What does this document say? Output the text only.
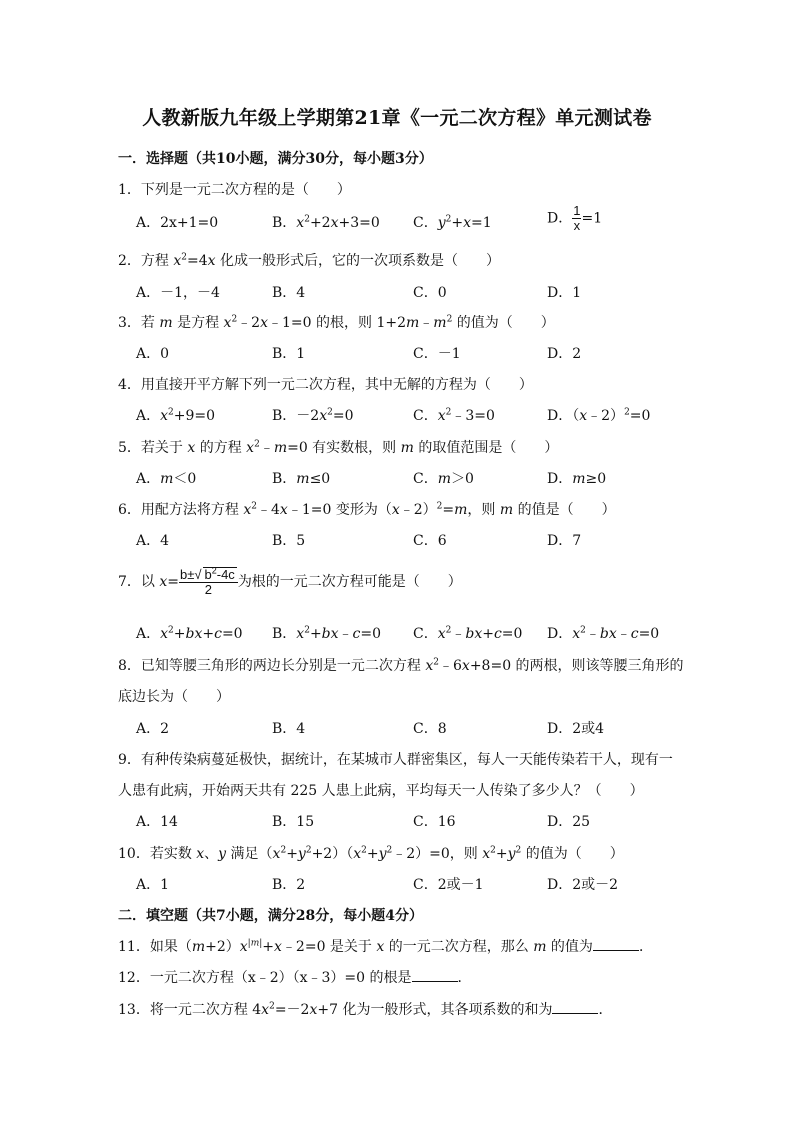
人教新版九年级上学期第21章《一元二次方程》单元测试卷
一．选择题（共10小题，满分30分，每小题3分）
1．下列是一元二次方程的是（　　）
A．2x+1=0	B．$x^2+2x+3=0$ C．$y^2+x=1$	D． $\frac{1}{x} =1$
2．方程 $x^2=4x$ 化成一般形式后，它的一次项系数是（　　）
A．－1，－4	B．4	C．0	D．1
3．若 m 是方程 $x^2﹣2x﹣1=0$ 的根，则 $1+2m﹣m^2$ 的值为（　　）
A．0	B．1	C．－1	D．2
4．用直接开平方解下列一元二次方程，其中无解的方程为（　　）
A．$x^2+9=0$	B．$-2x^2=0$	C．$x^2﹣3=0$	D．（x﹣2）$^2$=0
5．若关于 x 的方程 $x^2﹣m=0$ 有实数根，则 m 的取值范围是（　　）
A．m＜0	B．m≤0	C．m＞0	D．m≥0
6．用配方法将方程 $x^2﹣4x﹣1=0$ 变形为（x﹣2）$^2$=m，则 m 的值是（　　）
A．4	B．5	C．6	D．7
7．以 $x= \frac{b\pm√ b^2-4c}{2}$ 为根的一元二次方程可能是（　　）
A．$x^2+bx+c=0$ B．$x^2+bx﹣c=0$ C．$x^2﹣bx+c=0$ D．$x^2﹣bx﹣c=0$
8．已知等腰三角形的两边长分别是一元二次方程 $x^2﹣6x+8=0$ 的两根，则该等腰三角形的
底边长为（　　）
A．2	B．4	C．8	D．2或4
9．有种传染病蔓延极快，据统计，在某城市人群密集区，每人一天能传染若干人，现有一
人患有此病，开始两天共有 225 人患上此病，平均每天一人传染了多少人？（　　）
A．14	B．15	C．16	D．25
10．若实数 x、y 满足$(x^2+y^2+2)(x^2+y^2﹣2)=0$，则 $x^2+y^2$ 的值为（　　）
A．1	B．2	C．2或－1	D．2或－2
二．填空题（共7小题，满分28分，每小题4分）
11．如果$(m+2)x^{|m|}+x﹣2=0$ 是关于 x 的一元二次方程，那么 m 的值为	．
12．一元二次方程（x﹣2）（x﹣3）=0 的根是	．
13．将一元二次方程 $4x^2=-2x+7$ 化为一般形式，其各项系数的和为	．
